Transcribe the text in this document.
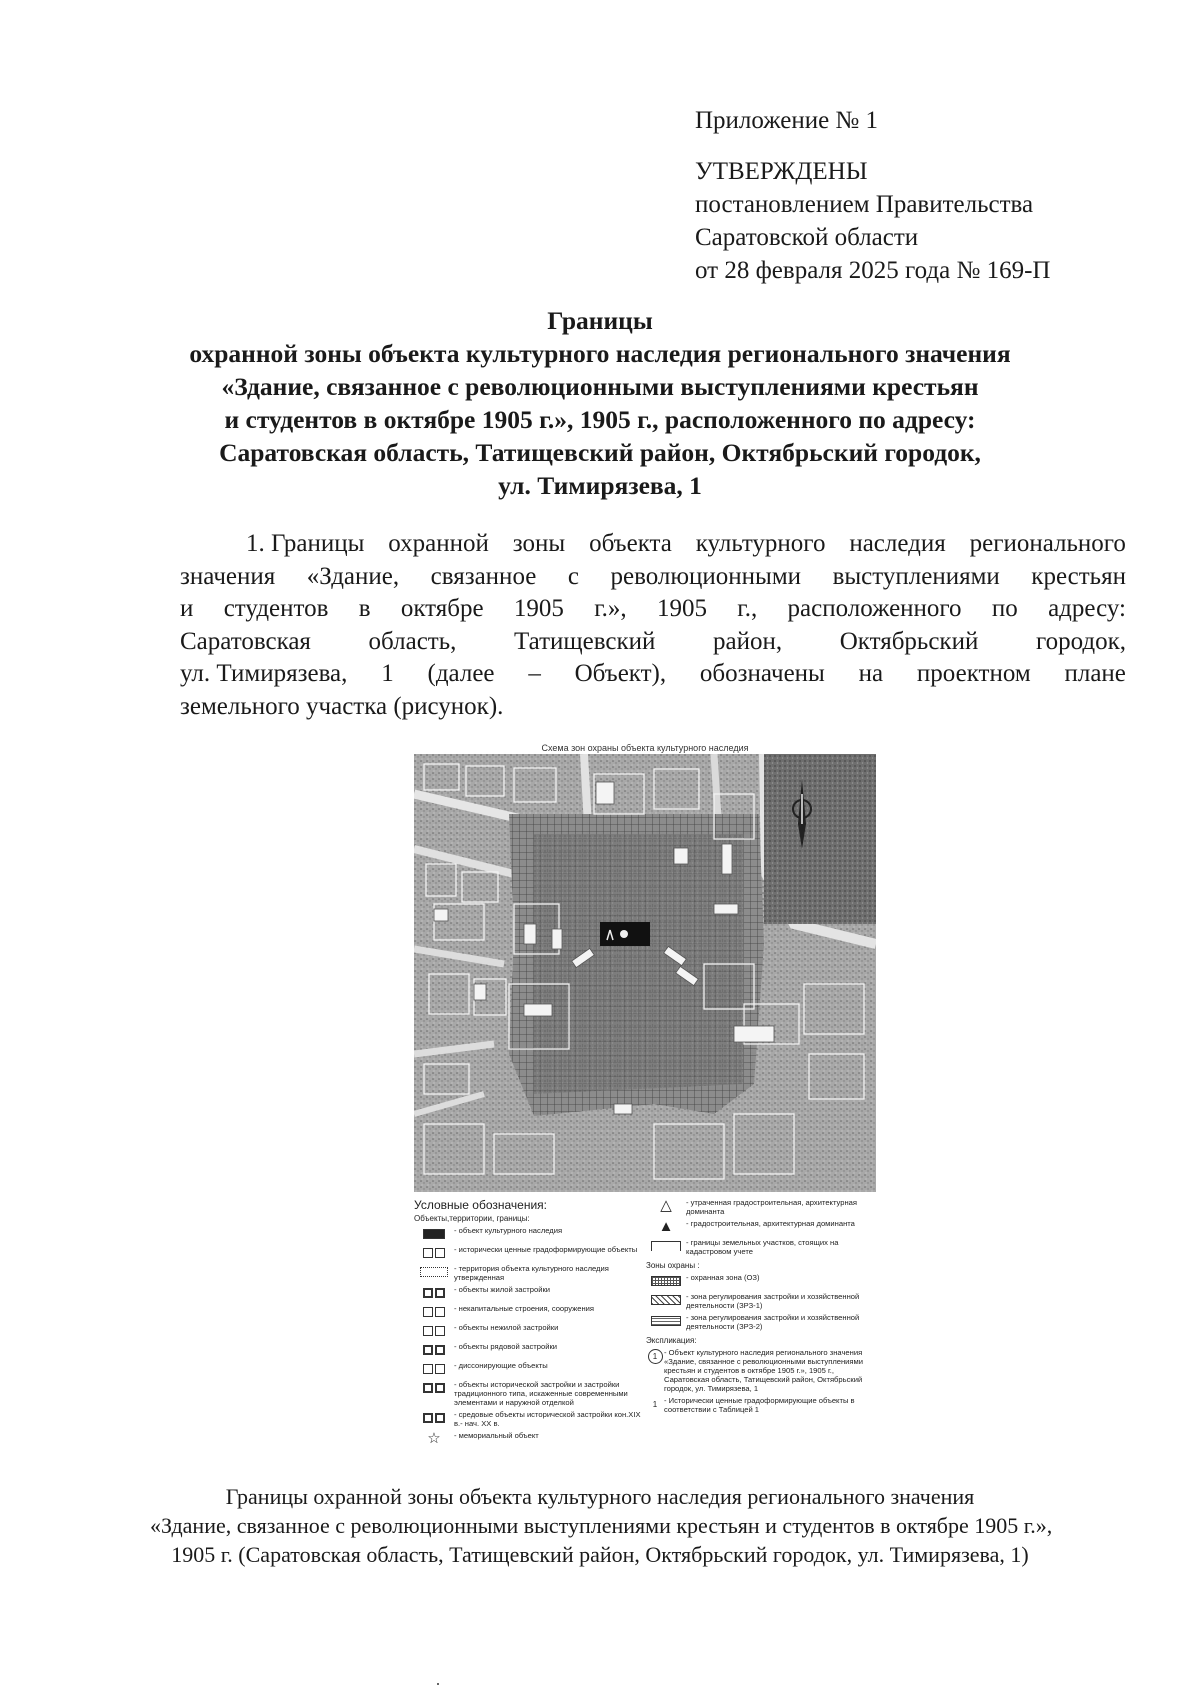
Приложение № 1
УТВЕРЖДЕНЫ
постановлением Правительства
Саратовской области
от 28 февраля 2025 года № 169-П
Границы
охранной зоны объекта культурного наследия регионального значения
«Здание, связанное с революционными выступлениями крестьян
и студентов в октябре 1905 г.», 1905 г., расположенного по адресу:
Саратовская область, Татищевский район, Октябрьский городок,
ул. Тимирязева, 1
1. Границы охранной зоны объекта культурного наследия регионального
значения «Здание, связанное с революционными выступлениями крестьян
и студентов в октябре 1905 г.», 1905 г., расположенного по адресу:
Саратовская область, Татищевский район, Октябрьский городок,
ул. Тимирязева, 1 (далее – Объект), обозначены на проектном плане
земельного участка (рисунок).
Схема зон охраны объекта культурного наследия
Условные обозначения:
Объекты,территории, границы:
- объект культурного наследия
- исторически ценные градоформирующие объекты
- территория объекта культурного наследия утвержденная
- объекты жилой застройки
- некапитальные строения, сооружения
- объекты нежилой застройки
- объекты рядовой застройки
- диссонирующие объекты
- объекты исторической застройки и застройки традиционного типа, искаженные современными элементами и наружной отделкой
- средовые объекты исторической застройки кон.XIX в.- нач. XX в.
☆ - мемориальный объект
△ - утраченная градостроительная, архитектурная доминанта
▲ - градостроительная, архитектурная доминанта
- границы земельных участков, стоящих на кадастровом учете
Зоны охраны :
- охранная зона (ОЗ)
- зона регулирования застройки и хозяйственной деятельности (ЗРЗ-1)
- зона регулирования застройки и хозяйственной деятельности (ЗРЗ-2)
Экспликация:
1 - Объект культурного наследия регионального значения «Здание, связанное с революционными выступлениями крестьян и студентов в октябре 1905 г.», 1905 г., Саратовская область, Татищевский район, Октябрьский городок, ул. Тимирязева, 1
1 - Исторически ценные градоформирующие объекты в соответствии с Таблицей 1
Границы охранной зоны объекта культурного наследия регионального значения
«Здание, связанное с революционными выступлениями крестьян и студентов в октябре 1905 г.»,
1905 г. (Саратовская область, Татищевский район, Октябрьский городок, ул. Тимирязева, 1)
